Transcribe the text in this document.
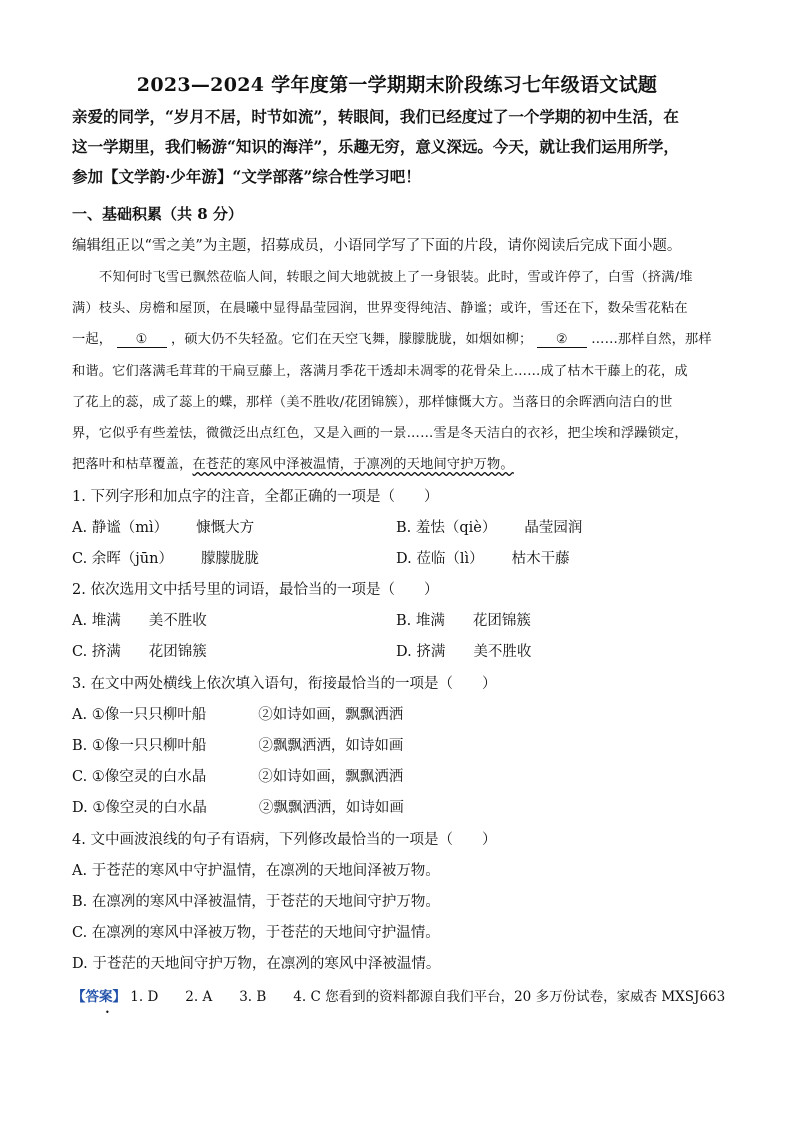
2023—2024 学年度第一学期期末阶段练习七年级语文试题
亲爱的同学，“岁月不居，时节如流”，转眼间，我们已经度过了一个学期的初中生活，在
这一学期里，我们畅游“知识的海洋”，乐趣无穷，意义深远。今天，就让我们运用所学，
参加【文学韵·少年游】“文学部落”综合性学习吧！
一、基础积累（共 8 分）
编辑组正以“雪之美”为主题，招募成员，小语同学写了下面的片段，请你阅读后完成下面小题。
不知何时飞雪已飘然莅临人间，转眼之间大地就披上了一身银装。此时，雪或许停了，白雪（挤满/堆
满）枝头、房檐和屋顶，在晨曦中显得晶莹园润，世界变得纯洁、静谧；或许，雪还在下，数朵雪花粘在
一起， ① ，硕大仍不失轻盈。它们在天空飞舞，朦朦胧胧，如烟如柳； ② ……那样自然，那样
和谐。它们落满毛茸茸的干扁豆藤上，落满月季花干透却未凋零的花骨朵上……成了枯木干藤上的花，成
了花上的蕊，成了蕊上的蝶，那样（美不胜收/花团锦簇），那样慷慨大方。当落日的余晖洒向洁白的世
界，它似乎有些羞怯，微微泛出点红色，又是入画的一景……雪是冬天洁白的衣衫，把尘埃和浮躁锁定，
把落叶和枯草覆盖，在苍茫的寒风中泽被温情，于凛冽的天地间守护万物。
1. 下列字形和加点字的注音，全都正确的一项是（　　）
A. 静谧（mì） 慷慨大方	B. 羞怯（qiè） 晶莹园润
C. 余晖（jūn） 朦朦胧胧	D. 莅临（lì） 枯木干藤
2. 依次选用文中括号里的词语，最恰当的一项是（　　）
A. 堆满 美不胜收	B. 堆满 花团锦簇
C. 挤满 花团锦簇	D. 挤满 美不胜收
3. 在文中两处横线上依次填入语句，衔接最恰当的一项是（　　）
A. ①像一只只柳叶船	②如诗如画，飘飘洒洒
B. ①像一只只柳叶船	②飘飘洒洒，如诗如画
C. ①像空灵的白水晶	②如诗如画，飘飘洒洒
D. ①像空灵的白水晶	②飘飘洒洒，如诗如画
4. 文中画波浪线的句子有语病，下列修改最恰当的一项是（　　）
A. 于苍茫的寒风中守护温情，在凛冽的天地间泽被万物。
B. 在凛冽的寒风中泽被温情，于苍茫的天地间守护万物。
C. 在凛冽的寒风中泽被万物，于苍茫的天地间守护温情。
D. 于苍茫的天地间守护万物，在凛冽的寒风中泽被温情。
【答案】 1. D　　2. A　　3. B　　4. C 您看到的资料都源自我们平台，20 多万份试卷，家威杏 MXSJ663
•
